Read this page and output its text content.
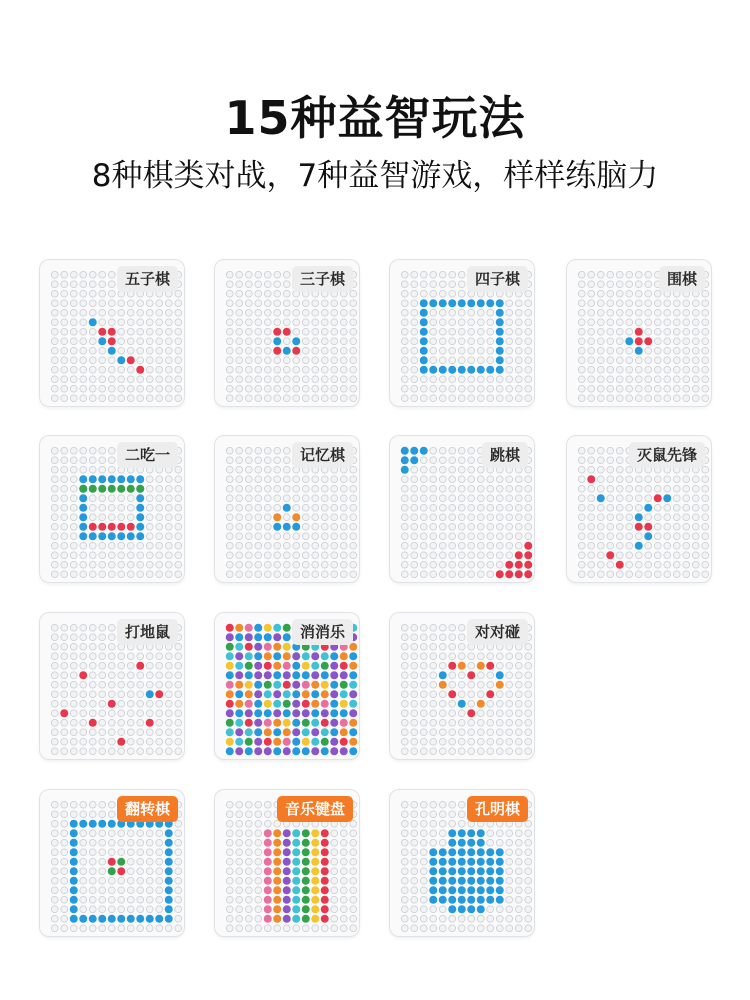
15种益智玩法
8种棋类对战，7种益智游戏，样样练脑力
五子棋	三子棋	四子棋	围棋
二吃一	记忆棋	跳棋	灭鼠先锋
打地鼠	消消乐	对对碰
翻转棋	音乐键盘	孔明棋
